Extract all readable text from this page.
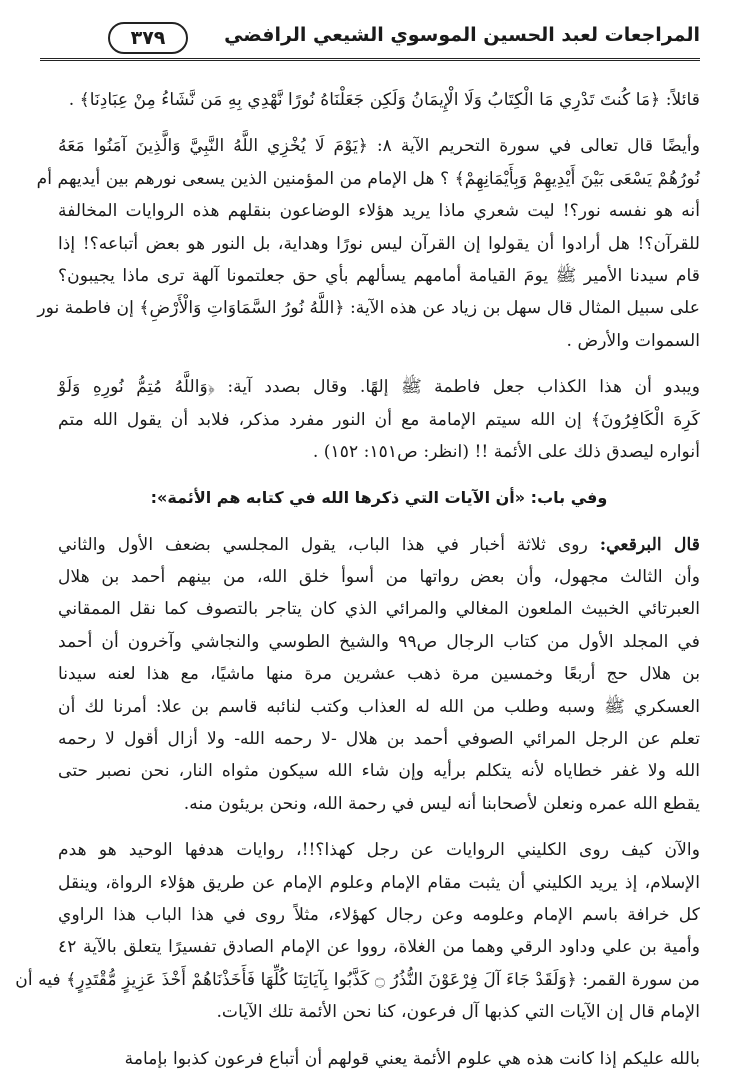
المراجعات لعبد الحسين الموسوي الشيعي الرافضي
٣٧٩
قائلاً: ﴿مَا كُنتَ تَدْرِي مَا الْكِتَابُ وَلَا الْإِيمَانُ وَلَكِن جَعَلْنَاهُ نُورًا نَّهْدِي بِهِ مَن نَّشَاءُ مِنْ عِبَادِنَا﴾ .
وأيضًا قال تعالى في سورة التحريم الآية ٨: ﴿يَوْمَ لَا يُخْزِي اللَّهُ النَّبِيَّ وَالَّذِينَ آمَنُوا مَعَهُ
نُورُهُمْ يَسْعَى بَيْنَ أَيْدِيهِمْ وَبِأَيْمَانِهِمْ﴾ ؟ هل الإمام من المؤمنين الذين يسعى نورهم بين أيديهم أم
أنه هو نفسه نور؟! ليت شعري ماذا يريد هؤلاء الوضاعون بنقلهم هذه الروايات المخالفة
للقرآن؟! هل أرادوا أن يقولوا إن القرآن ليس نورًا وهداية، بل النور هو بعض أتباعه؟! إذا
قام سيدنا الأمير ﷺ يومَ القيامة أمامهم يسألهم بأي حق جعلتمونا آلهة ترى ماذا يجيبون؟
على سبيل المثال قال سهل بن زياد عن هذه الآية: ﴿اللَّهُ نُورُ السَّمَاوَاتِ وَالْأَرْضِ﴾ إن فاطمة نور
السموات والأرض .
ويبدو أن هذا الكذاب جعل فاطمة ﷺ إلهًا. وقال بصدد آية: ﴿وَاللَّهُ مُتِمُّ نُورِهِ وَلَوْ
كَرِهَ الْكَافِرُونَ﴾ إن الله سيتم الإمامة مع أن النور مفرد مذكر، فلابد أن يقول الله متم
أنواره ليصدق ذلك على الأئمة !! (انظر: ص١٥١: ١٥٢) .
وفي باب: «أن الآيات التي ذكرها الله في كتابه هم الأئمة»:
قال البرقعي: روى ثلاثة أخبار في هذا الباب، يقول المجلسي بضعف الأول والثاني
وأن الثالث مجهول، وأن بعض رواتها من أسوأ خلق الله، من بينهم أحمد بن هلال
العبرتائي الخبيث الملعون المغالي والمرائي الذي كان يتاجر بالتصوف كما نقل الممقاني
في المجلد الأول من كتاب الرجال ص٩٩ والشيخ الطوسي والنجاشي وآخرون أن أحمد
بن هلال حج أربعًا وخمسين مرة ذهب عشرين مرة منها ماشيًا، مع هذا لعنه سيدنا
العسكري ﷺ وسبه وطلب من الله له العذاب وكتب لنائبه قاسم بن علا: أمرنا لك أن
تعلم عن الرجل المرائي الصوفي أحمد بن هلال -لا رحمه الله- ولا أزال أقول لا رحمه
الله ولا غفر خطاياه لأنه يتكلم برأيه وإن شاء الله سيكون مثواه النار، نحن نصبر حتى
يقطع الله عمره ونعلن لأصحابنا أنه ليس في رحمة الله، ونحن بريئون منه.
والآن كيف روى الكليني الروايات عن رجل كهذا؟!!، روايات هدفها الوحيد هو هدم
الإسلام، إذ يريد الكليني أن يثبت مقام الإمام وعلوم الإمام عن طريق هؤلاء الرواة، وينقل
كل خرافة باسم الإمام وعلومه وعن رجال كهؤلاء، مثلاً روى في هذا الباب هذا الراوي
وأمية بن علي وداود الرقي وهما من الغلاة، رووا عن الإمام الصادق تفسيرًا يتعلق بالآية ٤٢
من سورة القمر: ﴿وَلَقَدْ جَاءَ آلَ فِرْعَوْنَ النُّذُرُ ۝ كَذَّبُوا بِآيَاتِنَا كُلِّهَا فَأَخَذْنَاهُمْ أَخْذَ عَزِيزٍ مُّقْتَدِرٍ﴾ فيه أن
الإمام قال إن الآيات التي كذبها آل فرعون، كنا نحن الأئمة تلك الآيات.
بالله عليكم إذا كانت هذه هي علوم الأئمة يعني قولهم أن أتباع فرعون كذبوا بإمامة
